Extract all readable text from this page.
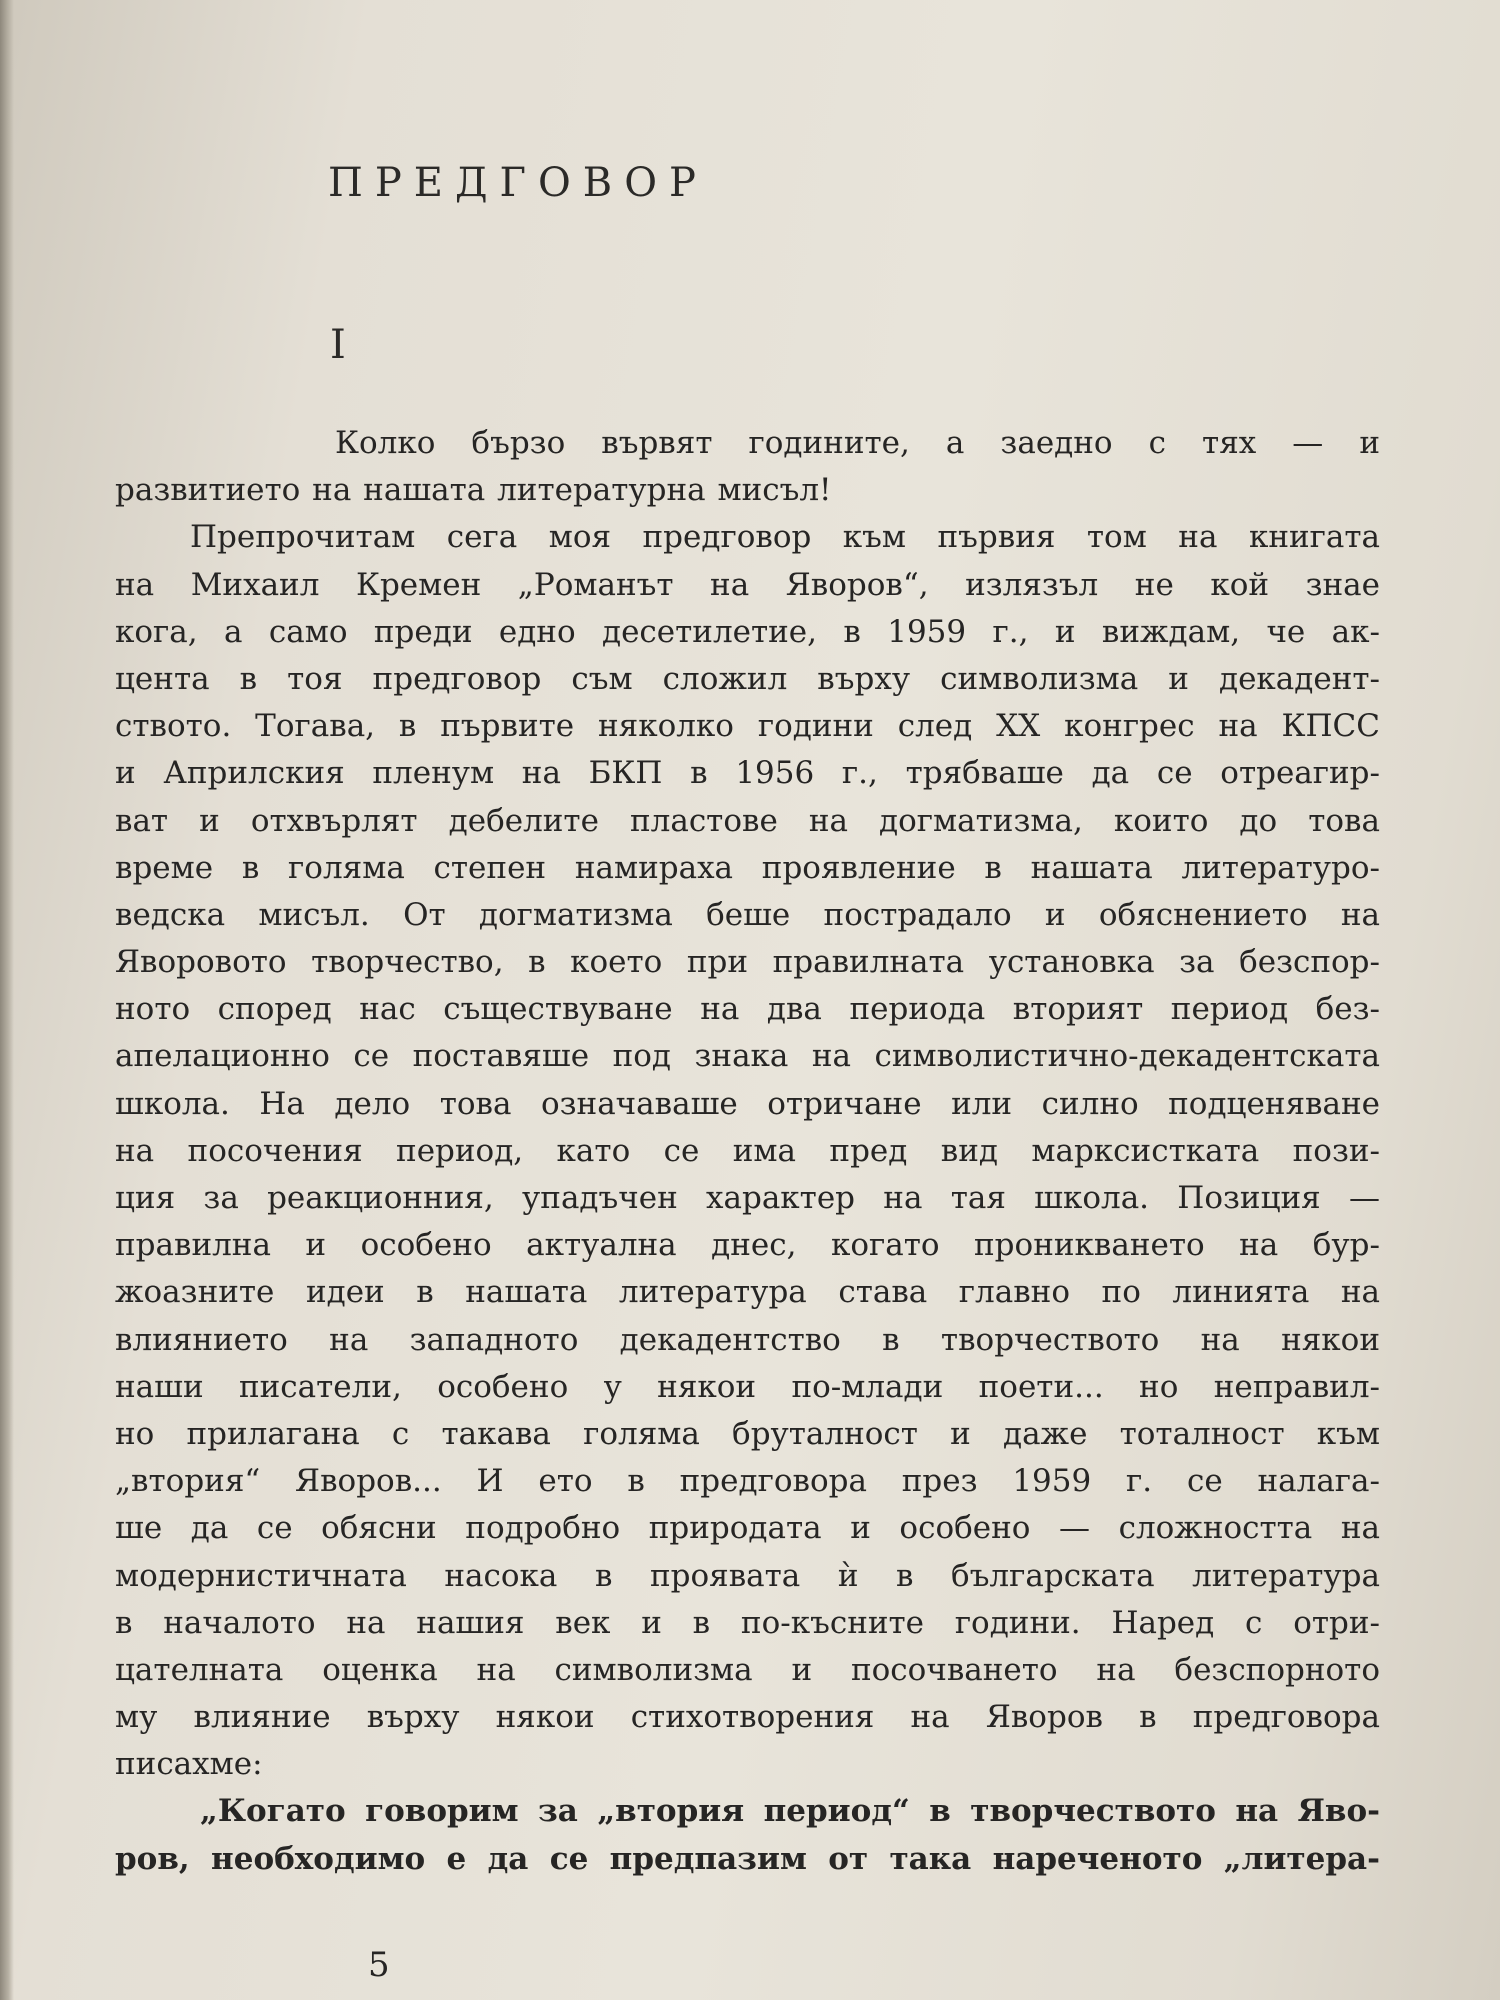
ПРЕДГОВОР
I
Колко бързо вървят годините, а заедно с тях — и
развитието на нашата литературна мисъл!
Препрочитам сега моя предговор към първия том на книгата
на Михаил Кремен „Романът на Яворов“, излязъл не кой знае
кога, а само преди едно десетилетие, в 1959 г., и виждам, че ак-
цента в тоя предговор съм сложил върху символизма и декадент-
ството. Тогава, в първите няколко години след XX конгрес на КПСС
и Априлския пленум на БКП в 1956 г., трябваше да се отреагир-
ват и отхвърлят дебелите пластове на догматизма, които до това
време в голяма степен намираха проявление в нашата литературо-
ведска мисъл. От догматизма беше пострадало и обяснението на
Яворовото творчество, в което при правилната установка за безспор-
ното според нас съществуване на два периода вторият период без-
апелационно се поставяше под знака на символистично-декадентската
школа. На дело това означаваше отричане или силно подценяване
на посочения период, като се има пред вид марксистката пози-
ция за реакционния, упадъчен характер на тая школа. Позиция —
правилна и особено актуална днес, когато проникването на бур-
жоазните идеи в нашата литература става главно по линията на
влиянието на западното декадентство в творчеството на някои
наши писатели, особено у някои по-млади поети... но неправил-
но прилагана с такава голяма бруталност и даже тоталност към
„втория“ Яворов... И ето в предговора през 1959 г. се налага-
ше да се обясни подробно природата и особено — сложността на
модернистичната насока в проявата ѝ в българската литература
в началото на нашия век и в по-късните години. Наред с отри-
цателната оценка на символизма и посочването на безспорното
му влияние върху някои стихотворения на Яворов в предговора
писахме:
„Когато говорим за „втория период“ в творчеството на Яво-
ров, необходимо е да се предпазим от така нареченото „литера-
5
